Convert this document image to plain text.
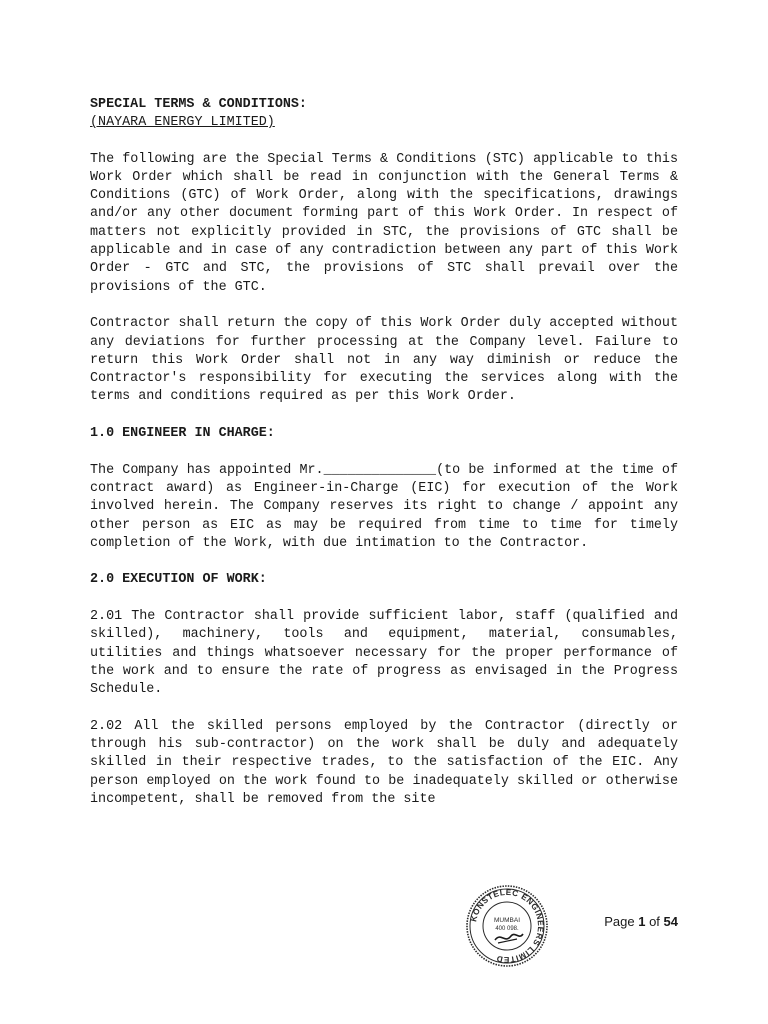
SPECIAL TERMS & CONDITIONS:

(NAYARA ENERGY LIMITED)

The following are the Special Terms & Conditions (STC) applicable to this Work Order which shall be read in conjunction with the General Terms & Conditions (GTC) of Work Order, along with the specifications, drawings and/or any other document forming part of this Work Order. In respect of matters not explicitly provided in STC, the provisions of GTC shall be applicable and in case of any contradiction between any part of this Work Order - GTC and STC, the provisions of STC shall prevail over the provisions of the GTC.

Contractor shall return the copy of this Work Order duly accepted without any deviations for further processing at the Company level. Failure to return this Work Order shall not in any way diminish or reduce the Contractor's responsibility for executing the services along with the terms and conditions required as per this Work Order.

1.0 ENGINEER IN CHARGE:

The Company has appointed Mr.______________(to be informed at the time of contract award) as Engineer-in-Charge (EIC) for execution of the Work involved herein. The Company reserves its right to change / appoint any other person as EIC as may be required from time to time for timely completion of the Work, with due intimation to the Contractor.

2.0 EXECUTION OF WORK:

2.01 The Contractor shall provide sufficient labor, staff (qualified and skilled), machinery, tools and equipment, material, consumables, utilities and things whatsoever necessary for the proper performance of the work and to ensure the rate of progress as envisaged in the Progress Schedule.

2.02 All the skilled persons employed by the Contractor (directly or through his sub-contractor) on the work shall be duly and adequately skilled in their respective trades, to the satisfaction of the EIC. Any person employed on the work found to be inadequately skilled or otherwise incompetent, shall be removed from the site

KONSTELEC ENGINEERS LIMITED
MUMBAI
400 098.	Page 1 of 54
